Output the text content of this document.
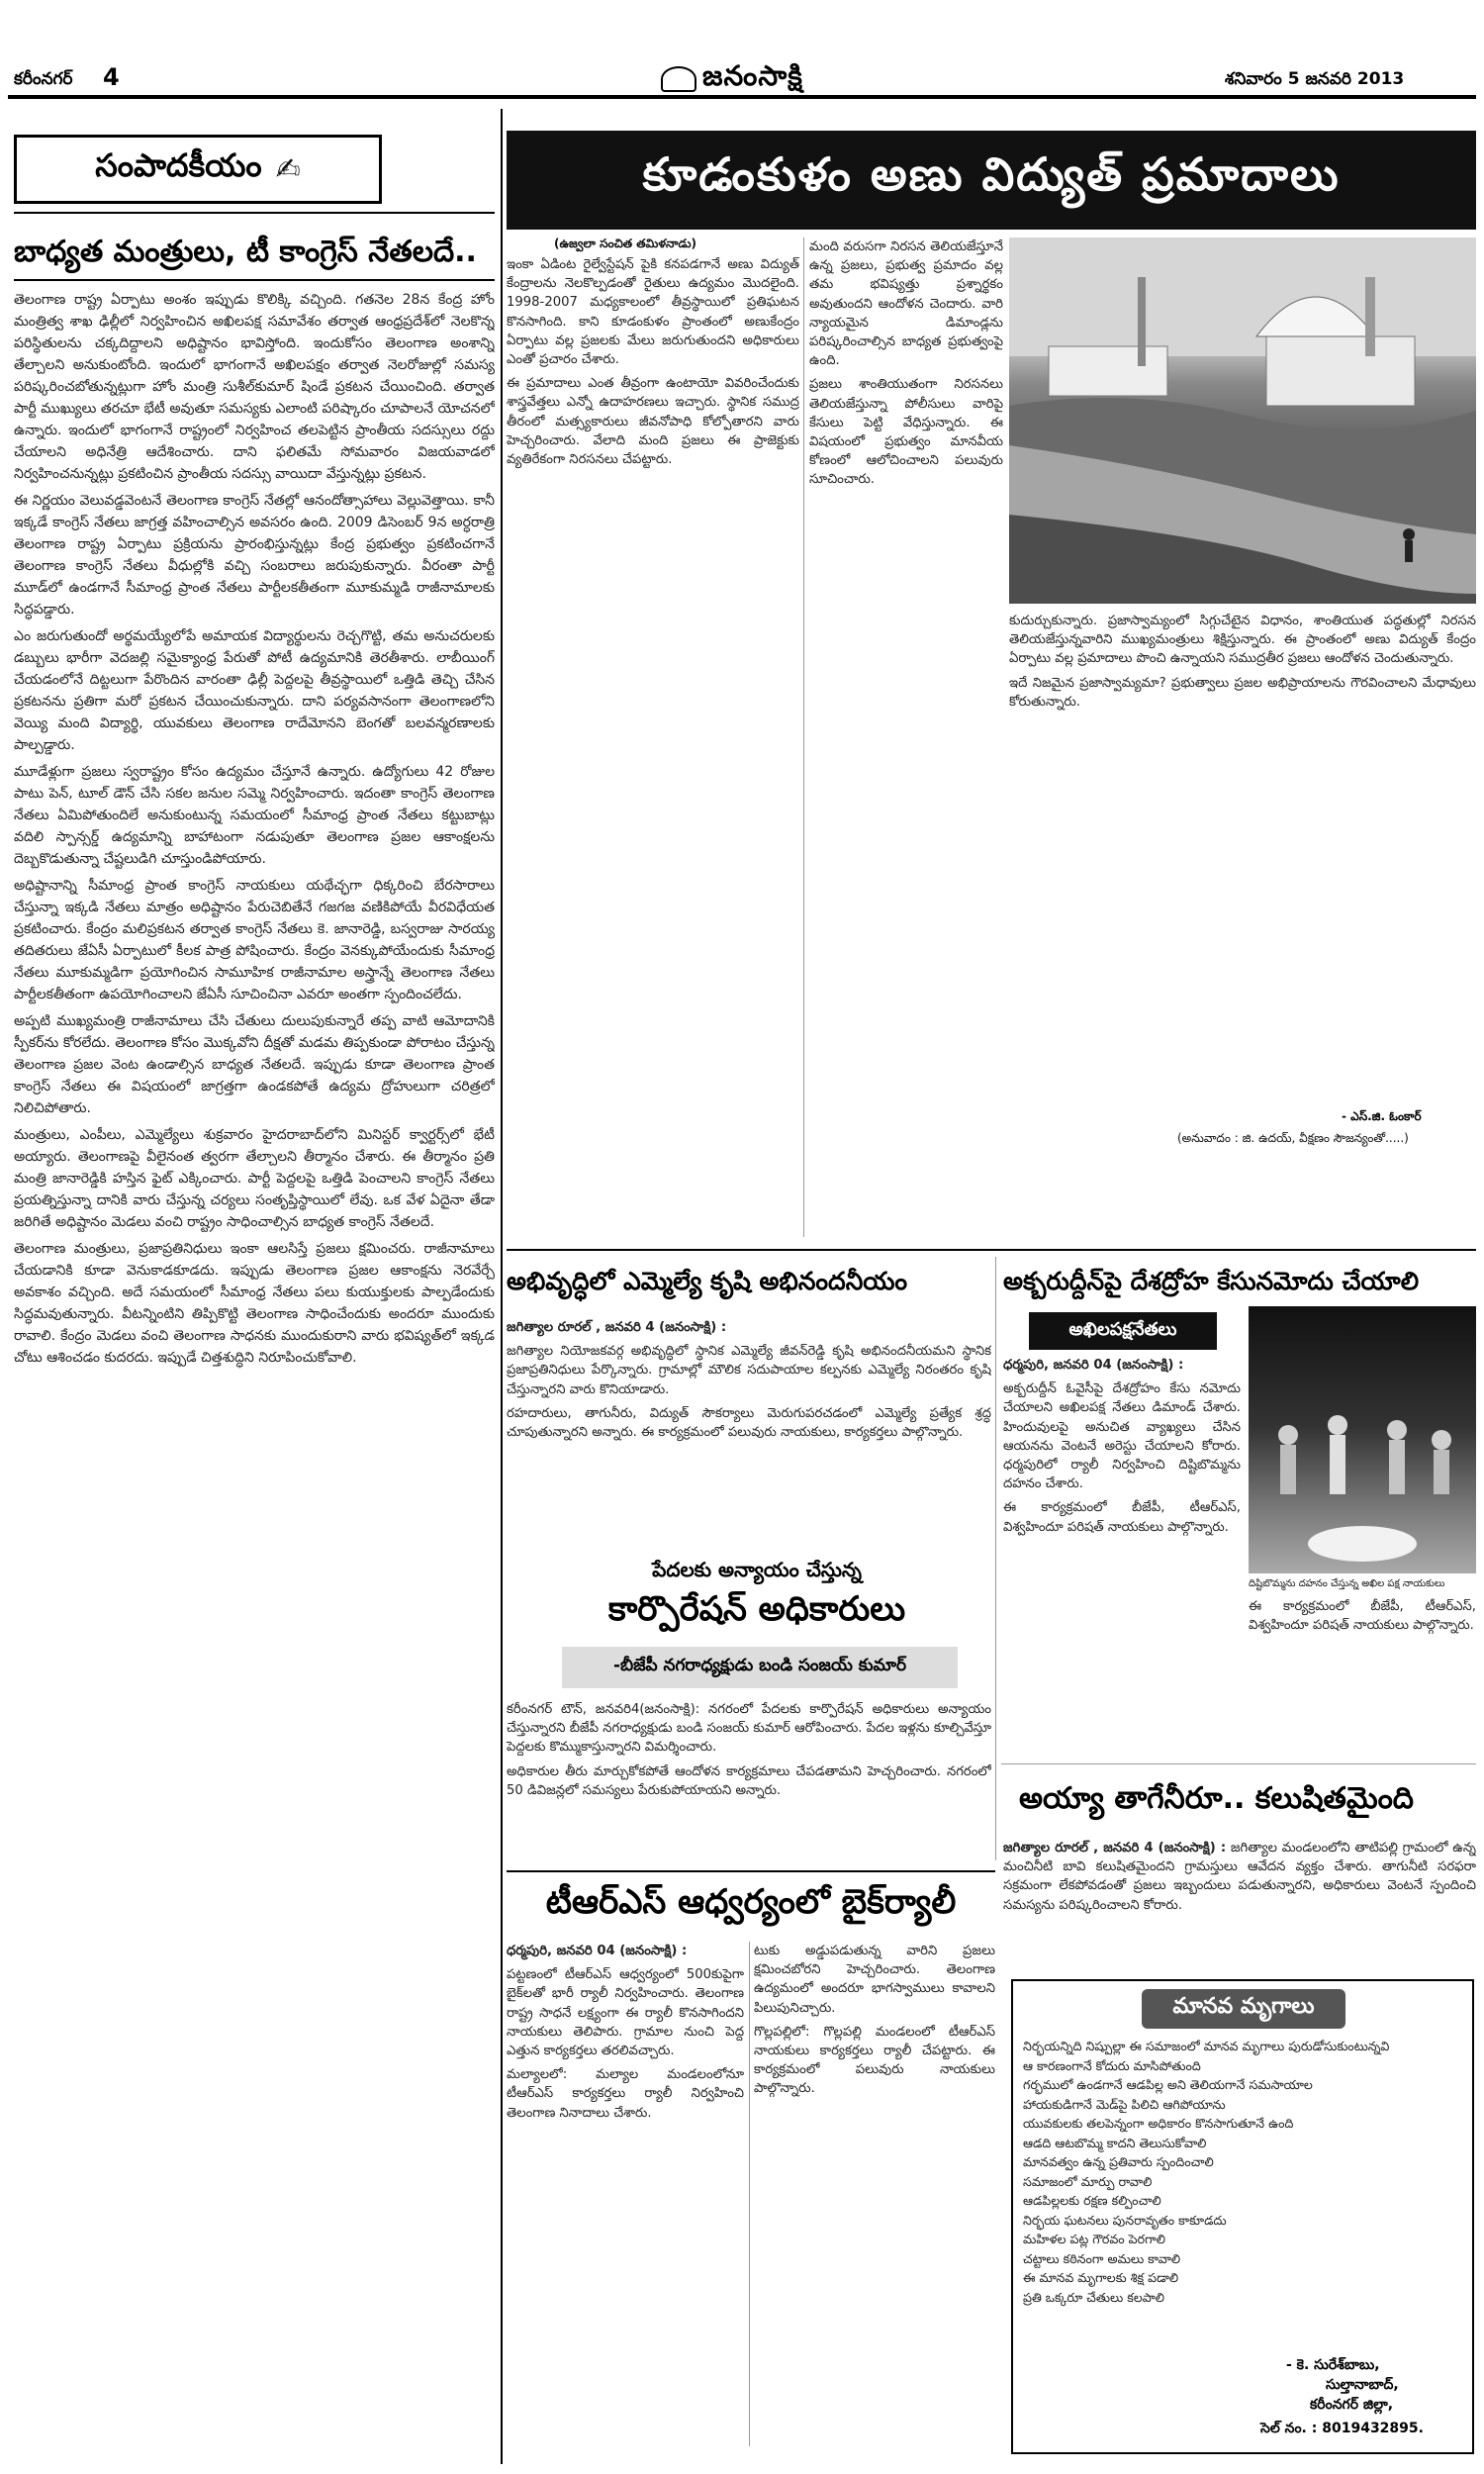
కరీంనగర్ 4	జనంసాక్షి	శనివారం 5 జనవరి 2013
సంపాదకీయం ✍
బాధ్యత మంత్రులు, టీ కాంగ్రెస్‌ నేతలదే..

తెలంగాణ రాష్ట్ర ఏర్పాటు అంశం ఇప్పుడు కొలిక్కి వచ్చింది. గతనెల 28న కేంద్ర హోం మంత్రిత్వ శాఖ ఢిల్లీలో నిర్వహించిన అఖిలపక్ష సమావేశం తర్వాత ఆంధ్రప్రదేశ్‌లో నెలకొన్న పరిస్థితులను చక్కదిద్దాలని అధిష్టానం భావిస్తోంది. ఇందుకోసం తెలంగాణ అంశాన్ని తేల్చాలని అనుకుంటోంది. ఇందులో భాగంగానే అఖిలపక్షం తర్వాత నెలరోజుల్లో సమస్య పరిష్కరించబోతున్నట్లుగా హోం మంత్రి సుశీల్‌కుమార్‌ షిండే ప్రకటన చేయించింది. తర్వాత పార్టీ ముఖ్యులు తరచూ భేటీ అవుతూ సమస్యకు ఎలాంటి పరిష్కారం చూపాలనే యోచనలో ఉన్నారు. ఇందులో భాగంగానే రాష్ట్రంలో నిర్వహించ తలపెట్టిన ప్రాంతీయ సదస్సులు రద్దు చేయాలని అధినేత్రి ఆదేశించారు. దాని ఫలితమే సోమవారం విజయవాడలో నిర్వహించనున్నట్లు ప్రకటించిన ప్రాంతీయ సదస్సు వాయిదా వేస్తున్నట్లు ప్రకటన.

ఈ నిర్ణయం వెలువడ్డవెంటనే తెలంగాణ కాంగ్రెస్‌ నేతల్లో ఆనందోత్సాహాలు వెల్లువెత్తాయి. కానీ ఇక్కడే కాంగ్రెస్‌ నేతలు జాగ్రత్త వహించాల్సిన అవసరం ఉంది. 2009 డిసెంబర్‌ 9న అర్ధరాత్రి తెలంగాణ రాష్ట్ర ఏర్పాటు ప్రక్రియను ప్రారంభిస్తున్నట్లు కేంద్ర ప్రభుత్వం ప్రకటించగానే తెలంగాణ కాంగ్రెస్‌ నేతలు వీధుల్లోకి వచ్చి సంబరాలు జరుపుకున్నారు. వీరంతా పార్టీ మూడ్‌లో ఉండగానే సీమాంధ్ర ప్రాంత నేతలు పార్టీలకతీతంగా మూకుమ్మడి రాజీనామాలకు సిద్ధపడ్డారు.

ఎం జరుగుతుందో అర్థమయ్యేలోపే అమాయక విద్యార్థులను రెచ్చగొట్టి, తమ అనుచరులకు డబ్బులు భారీగా వెదజల్లి సమైక్యాంధ్ర పేరుతో పోటీ ఉద్యమానికి తెరతీశారు. లాబీయింగ్‌ చేయడంలోనే దిట్టలుగా పేరొందిన వారంతా ఢిల్లీ పెద్దలపై తీవ్రస్థాయిలో ఒత్తిడి తెచ్చి చేసిన ప్రకటనను ప్రతిగా మరో ప్రకటన చేయించుకున్నారు. దాని పర్యవసానంగా తెలంగాణలోని వెయ్యి మంది విద్యార్థి, యువకులు తెలంగాణ రాదేమోనని బెంగతో బలవన్మరణాలకు పాల్పడ్డారు.

మూడేళ్లుగా ప్రజలు స్వరాష్ట్రం కోసం ఉద్యమం చేస్తూనే ఉన్నారు. ఉద్యోగులు 42 రోజుల పాటు పెన్‌, టూల్‌ డౌన్‌ చేసి సకల జనుల సమ్మె నిర్వహించారు. ఇదంతా కాంగ్రెస్‌ తెలంగాణ నేతలు ఏమిపోతుందిలే అనుకుంటున్న సమయంలో సీమాంధ్ర ప్రాంత నేతలు కట్టుబాట్లు వదిలి స్పాన్సర్డ్‌ ఉద్యమాన్ని బాహాటంగా నడుపుతూ తెలంగాణ ప్రజల ఆకాంక్షలను దెబ్బకొడుతున్నా చేష్టలుడిగి చూస్తుండిపోయారు.

అధిష్టానాన్ని సీమాంధ్ర ప్రాంత కాంగ్రెస్‌ నాయకులు యథేచ్ఛగా ధిక్కరించి బేరసారాలు చేస్తున్నా ఇక్కడి నేతలు మాత్రం అధిష్టానం పేరుచెబితేనే గజగజ వణికిపోయే వీరవిధేయత ప్రకటించారు. కేంద్రం మలిప్రకటన తర్వాత కాంగ్రెస్‌ నేతలు కె. జానారెడ్డి, బస్వరాజు సారయ్య తదితరులు జేఏసీ ఏర్పాటులో కీలక పాత్ర పోషించారు. కేంద్రం వెనక్కుపోయేందుకు సీమాంధ్ర నేతలు మూకుమ్మడిగా ప్రయోగించిన సామూహిక రాజీనామాల అస్త్రాన్నే తెలంగాణ నేతలు పార్టీలకతీతంగా ఉపయోగించాలని జేఏసీ సూచించినా ఎవరూ అంతగా స్పందించలేదు.

అప్పటి ముఖ్యమంత్రి రాజీనామాలు చేసి చేతులు దులుపుకున్నారే తప్ప వాటి ఆమోదానికి స్పీకర్‌ను కోరలేదు. తెలంగాణ కోసం మొక్కవోని దీక్షతో మడమ తిప్పకుండా పోరాటం చేస్తున్న తెలంగాణ ప్రజల వెంట ఉండాల్సిన బాధ్యత నేతలదే. ఇప్పుడు కూడా తెలంగాణ ప్రాంత కాంగ్రెస్‌ నేతలు ఈ విషయంలో జాగ్రత్తగా ఉండకపోతే ఉద్యమ ద్రోహులుగా చరిత్రలో నిలిచిపోతారు.

మంత్రులు, ఎంపీలు, ఎమ్మెల్యేలు శుక్రవారం హైదరాబాద్‌లోని మినిస్టర్‌ క్వార్టర్స్‌లో భేటీ అయ్యారు. తెలంగాణపై వీలైనంత త్వరగా తేల్చాలని తీర్మానం చేశారు. ఈ తీర్మానం ప్రతి మంత్రి జానారెడ్డికి హస్తిన ఫైట్‌ ఎక్కించారు. పార్టీ పెద్దలపై ఒత్తిడి పెంచాలని కాంగ్రెస్‌ నేతలు ప్రయత్నిస్తున్నా దానికి వారు చేస్తున్న చర్యలు సంతృప్తిస్థాయిలో లేవు. ఒక వేళ ఏదైనా తేడా జరిగితే అధిష్టానం మెడలు వంచి రాష్ట్రం సాధించాల్సిన బాధ్యత కాంగ్రెస్‌ నేతలదే.

తెలంగాణ మంత్రులు, ప్రజాప్రతినిధులు ఇంకా ఆలసిస్తే ప్రజలు క్షమించరు. రాజీనామాలు చేయడానికి కూడా వెనుకాడకూడదు. ఇప్పుడు తెలంగాణ ప్రజల ఆకాంక్షను నెరవేర్చే అవకాశం వచ్చింది. అదే సమయంలో సీమాంధ్ర నేతలు పలు కుయుక్తులకు పాల్పడేందుకు సిద్ధమవుతున్నారు. వీటన్నింటిని తిప్పికొట్టి తెలంగాణ సాధించేందుకు అందరూ ముందుకు రావాలి. కేంద్రం మెడలు వంచి తెలంగాణ సాధనకు ముందుకురాని వారు భవిష్యత్‌లో ఇక్కడ చోటు ఆశించడం కుదరదు. ఇప్పుడే చిత్తశుద్ధిని నిరూపించుకోవాలి.

కూడంకుళం అణు విద్యుత్‌ ప్రమాదాలు
(ఉజ్వలా సంచిత తమిళనాడు)

ఇంకా ఏడింట రైల్వేస్టేషన్‌ పైకి కనపడగానే అణు విద్యుత్‌ కేంద్రాలను నెలకొల్పడంతో రైతులు ఉద్యమం మొదలైంది. 1998-2007 మధ్యకాలంలో తీవ్రస్థాయిలో ప్రతిఘటన కొనసాగింది. కాని కూడంకుళం ప్రాంతంలో అణుకేంద్రం ఏర్పాటు వల్ల ప్రజలకు మేలు జరుగుతుందని అధికారులు ఎంతో ప్రచారం చేశారు.

ఈ ప్రమాదాలు ఎంత తీవ్రంగా ఉంటాయో వివరించేందుకు శాస్త్రవేత్తలు ఎన్నో ఉదాహరణలు ఇచ్చారు. స్థానిక సముద్ర తీరంలో మత్స్యకారులు జీవనోపాధి కోల్పోతారని వారు హెచ్చరించారు. వేలాది మంది ప్రజలు ఈ ప్రాజెక్టుకు వ్యతిరేకంగా నిరసనలు చేపట్టారు.

మంది వరుసగా నిరసన తెలియజేస్తూనే ఉన్న ప్రజలు, ప్రభుత్వ ప్రమాదం వల్ల తమ భవిష్యత్తు ప్రశ్నార్థకం అవుతుందని ఆందోళన చెందారు. వారి న్యాయమైన డిమాండ్లను పరిష్కరించాల్సిన బాధ్యత ప్రభుత్వంపై ఉంది.

ప్రజలు శాంతియుతంగా నిరసనలు తెలియజేస్తున్నా పోలీసులు వారిపై కేసులు పెట్టి వేధిస్తున్నారు. ఈ విషయంలో ప్రభుత్వం మానవీయ కోణంలో ఆలోచించాలని పలువురు సూచించారు.

కుదుర్చుకున్నారు. ప్రజాస్వామ్యంలో సిగ్గుచేటైన విధానం, శాంతియుత పద్ధతుల్లో నిరసన తెలియజేస్తున్నవారిని ముఖ్యమంత్రులు శిక్షిస్తున్నారు. ఈ ప్రాంతంలో అణు విద్యుత్‌ కేంద్రం ఏర్పాటు వల్ల ప్రమాదాలు పొంచి ఉన్నాయని సముద్రతీర ప్రజలు ఆందోళన చెందుతున్నారు.

ఇదే నిజమైన ప్రజాస్వామ్యమా? ప్రభుత్వాలు ప్రజల అభిప్రాయాలను గౌరవించాలని మేధావులు కోరుతున్నారు.

- ఎస్‌.జి. ఓంకార్‌
(అనువాదం : జి. ఉదయ్‌, వీక్షణం సౌజన్యంతో.....)
అభివృద్ధిలో ఎమ్మెల్యే కృషి అభినందనీయం

జగిత్యాల రూరల్‌ , జనవరి 4 (జనంసాక్షి) :

జగిత్యాల నియోజకవర్గ అభివృద్ధిలో స్థానిక ఎమ్మెల్యే జీవన్‌రెడ్డి కృషి అభినందనీయమని స్థానిక ప్రజాప్రతినిధులు పేర్కొన్నారు. గ్రామాల్లో మౌలిక సదుపాయాల కల్పనకు ఎమ్మెల్యే నిరంతరం కృషి చేస్తున్నారని వారు కొనియాడారు.

రహదారులు, తాగునీరు, విద్యుత్‌ సౌకర్యాలు మెరుగుపరచడంలో ఎమ్మెల్యే ప్రత్యేక శ్రద్ధ చూపుతున్నారని అన్నారు. ఈ కార్యక్రమంలో పలువురు నాయకులు, కార్యకర్తలు పాల్గొన్నారు.

పేదలకు అన్యాయం చేస్తున్న
కార్పొరేషన్‌ అధికారులు
-బీజేపీ నగరాధ్యక్షుడు బండి సంజయ్‌ కుమార్‌

కరీంనగర్‌ టౌన్‌, జనవరి4(జనంసాక్షి): నగరంలో పేదలకు కార్పొరేషన్‌ అధికారులు అన్యాయం చేస్తున్నారని బీజేపీ నగరాధ్యక్షుడు బండి సంజయ్‌ కుమార్‌ ఆరోపించారు. పేదల ఇళ్లను కూల్చివేస్తూ పెద్దలకు కొమ్ముకాస్తున్నారని విమర్శించారు.

అధికారుల తీరు మార్చుకోకపోతే ఆందోళన కార్యక్రమాలు చేపడతామని హెచ్చరించారు. నగరంలో 50 డివిజన్లలో సమస్యలు పేరుకుపోయాయని అన్నారు.

అక్బరుద్దీన్‌పై దేశద్రోహ కేసునమోదు చేయాలి
అఖిలపక్షనేతలు

ధర్మపురి, జనవరి 04 (జనంసాక్షి) :

అక్బరుద్దీన్‌ ఓవైసీపై దేశద్రోహం కేసు నమోదు చేయాలని అఖిలపక్ష నేతలు డిమాండ్‌ చేశారు. హిందువులపై అనుచిత వ్యాఖ్యలు చేసిన ఆయనను వెంటనే అరెస్టు చేయాలని కోరారు. ధర్మపురిలో ర్యాలీ నిర్వహించి దిష్టిబొమ్మను దహనం చేశారు.

ఈ కార్యక్రమంలో బీజేపీ, టీఆర్‌ఎస్‌, విశ్వహిందూ పరిషత్‌ నాయకులు పాల్గొన్నారు.

దిష్టిబొమ్మను దహనం చేస్తున్న అఖిల పక్ష నాయకులు

ఈ కార్యక్రమంలో బీజేపీ, టీఆర్‌ఎస్‌, విశ్వహిందూ పరిషత్‌ నాయకులు పాల్గొన్నారు.

అయ్యా తాగేనీరూ.. కలుషితమైంది

జగిత్యాల రూరల్‌ , జనవరి 4 (జనంసాక్షి) : జగిత్యాల మండలంలోని తాటిపల్లి గ్రామంలో ఉన్న మంచినీటి బావి కలుషితమైందని గ్రామస్తులు ఆవేదన వ్యక్తం చేశారు. తాగునీటి సరఫరా సక్రమంగా లేకపోవడంతో ప్రజలు ఇబ్బందులు పడుతున్నారని, అధికారులు వెంటనే స్పందించి సమస్యను పరిష్కరించాలని కోరారు.

టీఆర్‌ఎస్‌ ఆధ్వర్యంలో బైక్‌ర్యాలీ

ధర్మపురి, జనవరి 04 (జనంసాక్షి) :

పట్టణంలో టీఆర్‌ఎస్‌ ఆధ్వర్యంలో 500కుపైగా బైక్‌లతో భారీ ర్యాలీ నిర్వహించారు. తెలంగాణ రాష్ట్ర సాధనే లక్ష్యంగా ఈ ర్యాలీ కొనసాగిందని నాయకులు తెలిపారు. గ్రామాల నుంచి పెద్ద ఎత్తున కార్యకర్తలు తరలివచ్చారు.

మల్యాలలో: మల్యాల మండలంలోనూ టీఆర్‌ఎస్‌ కార్యకర్తలు ర్యాలీ నిర్వహించి తెలంగాణ నినాదాలు చేశారు.

టుకు అడ్డుపడుతున్న వారిని ప్రజలు క్షమించబోరని హెచ్చరించారు. తెలంగాణ ఉద్యమంలో అందరూ భాగస్వాములు కావాలని పిలుపునిచ్చారు.

గొల్లపల్లిలో: గొల్లపల్లి మండలంలో టీఆర్‌ఎస్‌ నాయకులు కార్యకర్తలు ర్యాలీ చేపట్టారు. ఈ కార్యక్రమంలో పలువురు నాయకులు పాల్గొన్నారు.

మానవ మృగాలు
నిర్భయన్నిది నిష్పుల్లా ఈ సమాజంలో మానవ మృగాలు పురుడోసుకుంటున్నవి
ఆ కారణంగానే కోదురు మాసిపోతుంది
గర్భములో ఉండగానే ఆడపిల్ల అని తెలియగానే సమసాయాల
హాయకుడిగానే మెడ్‌పై పిలిచి ఆగిపోయాను
యువకులకు తలపెన్నంగా అధికారం కొనసాగుతూనే ఉంది
ఆడది ఆటబొమ్మ కాదని తెలుసుకోవాలి
మానవత్వం ఉన్న ప్రతివారు స్పందించాలి
సమాజంలో మార్పు రావాలి
ఆడపిల్లలకు రక్షణ కల్పించాలి
నిర్భయ ఘటనలు పునరావృతం కాకూడదు
మహిళల పట్ల గౌరవం పెరగాలి
చట్టాలు కఠినంగా అమలు కావాలి
ఈ మానవ మృగాలకు శిక్ష పడాలి
ప్రతి ఒక్కరూ చేతులు కలపాలి
- కె. సురేశ్‌బాబు,
సుల్తానాబాద్‌,
కరీంనగర్‌ జిల్లా,
సెల్‌ నం. : 8019432895.
